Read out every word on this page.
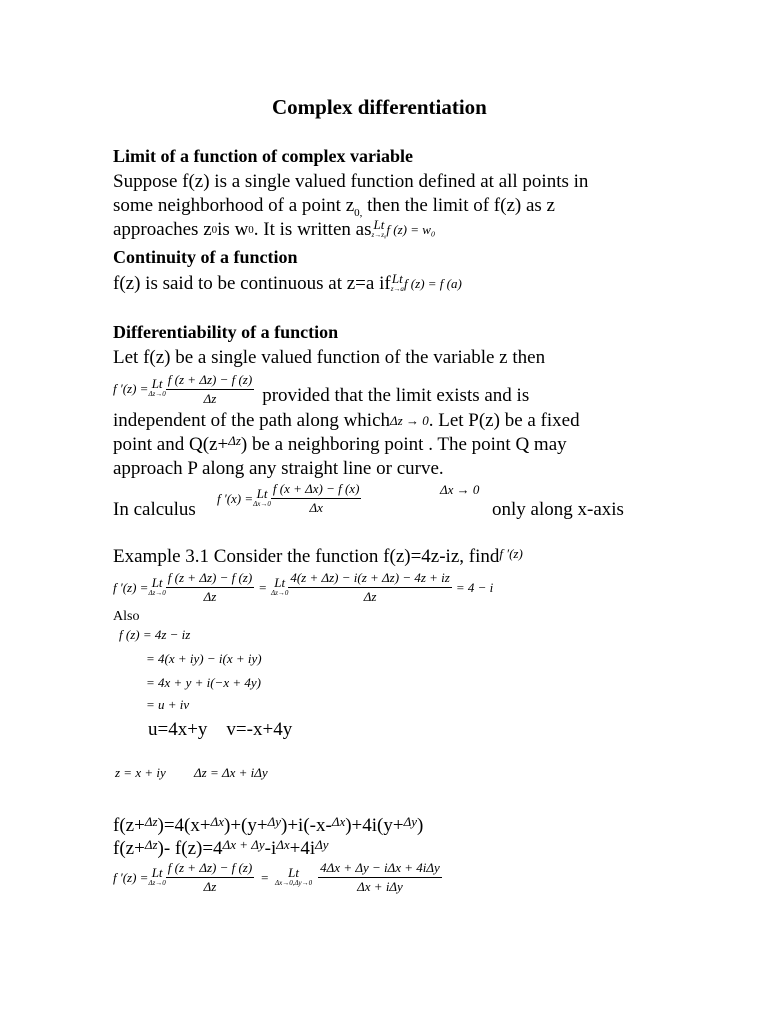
Complex differentiation
Limit of a function of complex variable
Suppose f(z) is a single valued function defined at all points in
some neighborhood of a point $z_{0,}$ then the limit of f(z) as z
approaches z 0 is w 0 . It is written as Lt
z→z₀ f (z) = w₀
Continuity of a function
f(z) is said to be continuous at z=a if Lt
z→a f (z) = f (a)
Differentiability of a function
Let f(z) be a single valued function of the variable z then
f ′(z) = Lt
$\Delta z\to 0 \frac{f (z + \Delta z) - f (z)}{\Delta z}$ provided that the limit exists and is
independent of the path along which Δz → 0 . Let P(z) be a fixed
point and Q(z+ Δz ) be a neighboring point . The point Q may
approach P along any straight line or curve.
In calculus
f ′(x) = Lt
$\Delta x\to 0 \frac{f (x + \Delta x) - f (x)}{\Delta x}$	Δx → 0
only along x-axis
Example 3.1 Consider the function f(z)=4z-iz, find f ′(z)
f ′(z) = Lt
$\Delta z\to 0 \frac{f (z + \Delta z) - f (z)}{\Delta z} = Lt$
$\Delta z\to 0 \frac{4(z + \Delta z) - i(z + \Delta z) - 4z + iz}{\Delta z} = 4 - i$
Also
f (z) = 4z − iz
= 4(x + iy) − i(x + iy)
= 4x + y + i(−x + 4y)
= u + iv
u=4x+y    v=-x+4y
z = x + iy Δz = Δx + iΔy
f(z+ Δz )=4(x+ Δx )+(y+ Δy )+i(-x- Δx )+4i(y+ Δy )
f(z+ Δz )- f(z)=4 Δx + Δy -i Δx +4i Δy
f ′(z) = Lt
$\Delta z\to 0 \frac{f (z + \Delta z) - f (z)}{\Delta z}$ =	Lt
$\Delta x\to 0,\Delta y\to 0 \frac{\text{4Δx + Δy − iΔx + 4iΔy}}{\text{Δx + iΔy}}$
